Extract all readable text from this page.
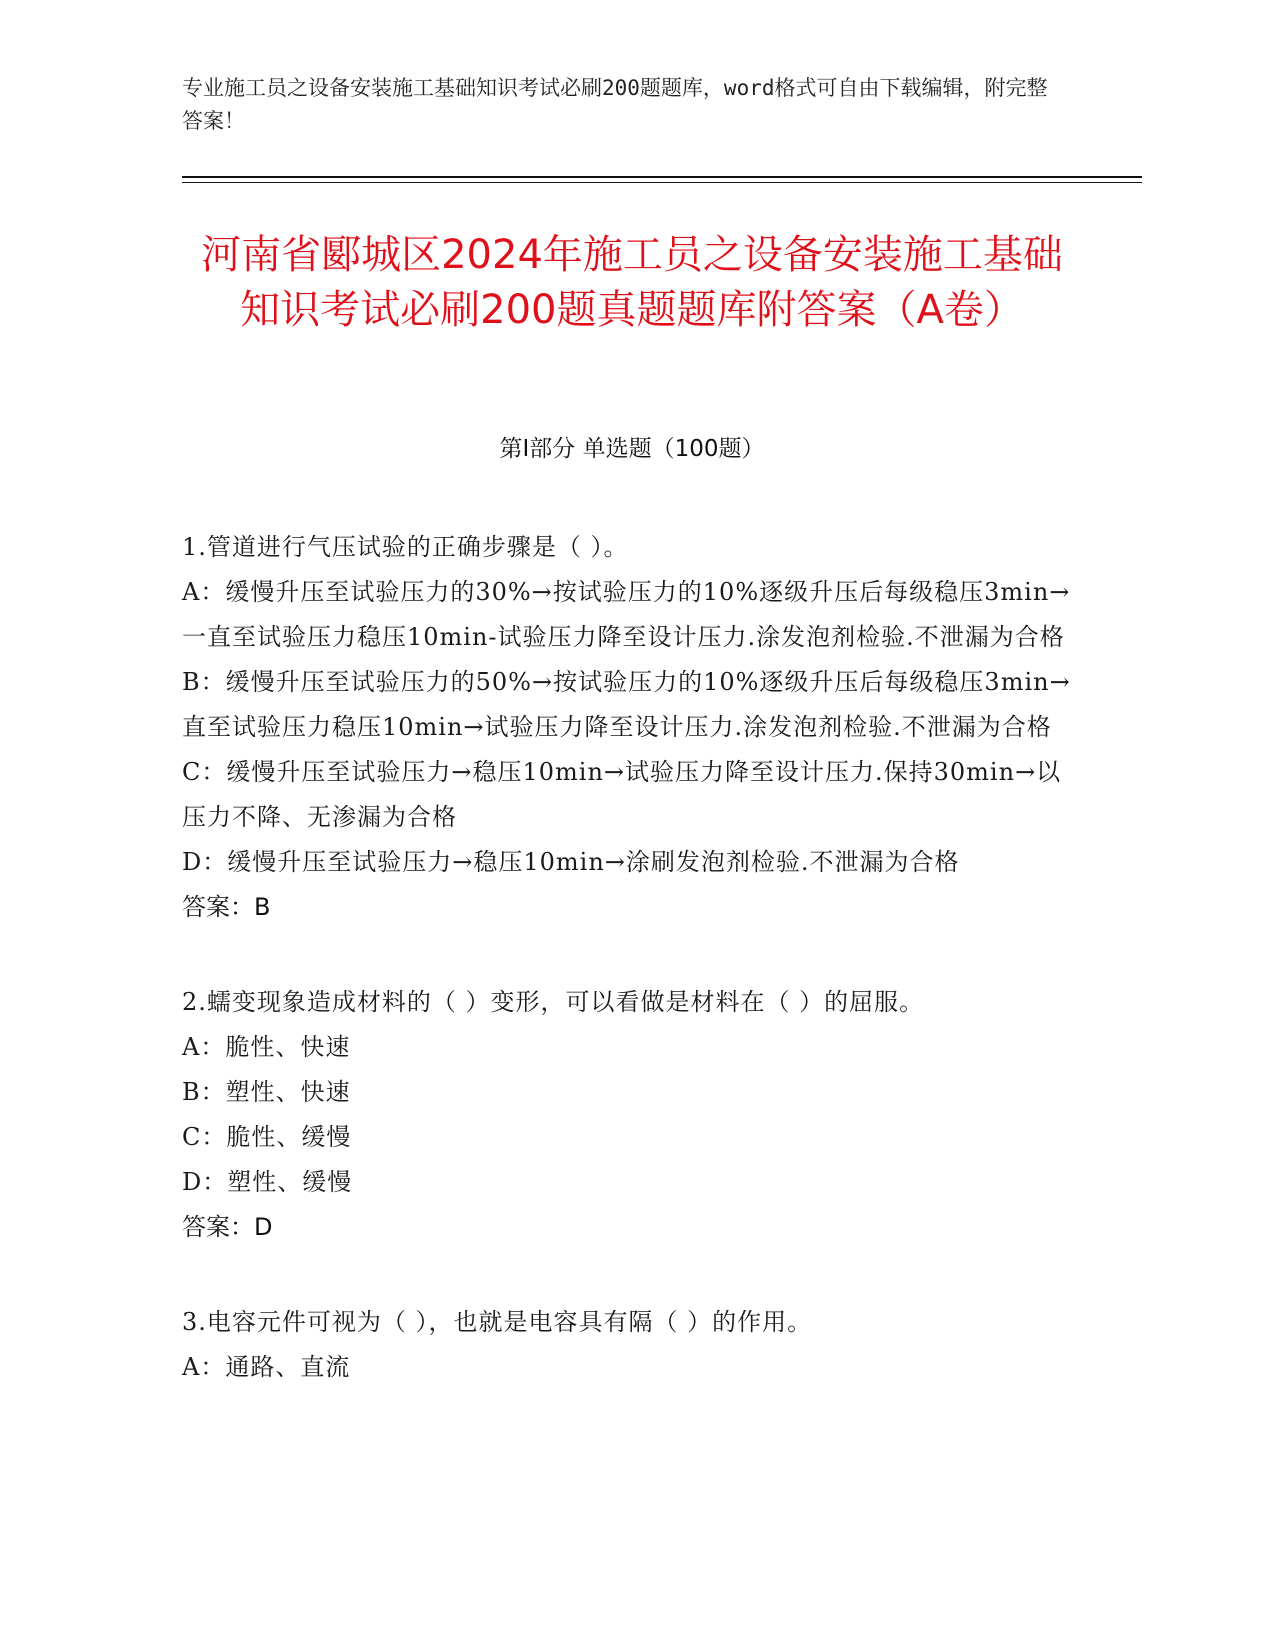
专业施工员之设备安装施工基础知识考试必刷200题题库，word格式可自由下载编辑，附完整答案！
河南省郾城区2024年施工员之设备安装施工基础知识考试必刷200题真题题库附答案（A卷）
第Ⅰ部分 单选题（100题）

1.管道进行气压试验的正确步骤是（ ）。

A：缓慢升压至试验压力的30%→按试验压力的10%逐级升压后每级稳压3min→一直至试验压力稳压10min-试验压力降至设计压力.涂发泡剂检验.不泄漏为合格

B：缓慢升压至试验压力的50%→按试验压力的10%逐级升压后每级稳压3min→直至试验压力稳压10min→试验压力降至设计压力.涂发泡剂检验.不泄漏为合格

C：缓慢升压至试验压力→稳压10min→试验压力降至设计压力.保持30min→以压力不降、无渗漏为合格

D：缓慢升压至试验压力→稳压10min→涂刷发泡剂检验.不泄漏为合格

答案：B

2.蠕变现象造成材料的（ ）变形，可以看做是材料在（ ）的屈服。

A：脆性、快速

B：塑性、快速

C：脆性、缓慢

D：塑性、缓慢

答案：D

3.电容元件可视为（ ），也就是电容具有隔（ ）的作用。

A：通路、直流
